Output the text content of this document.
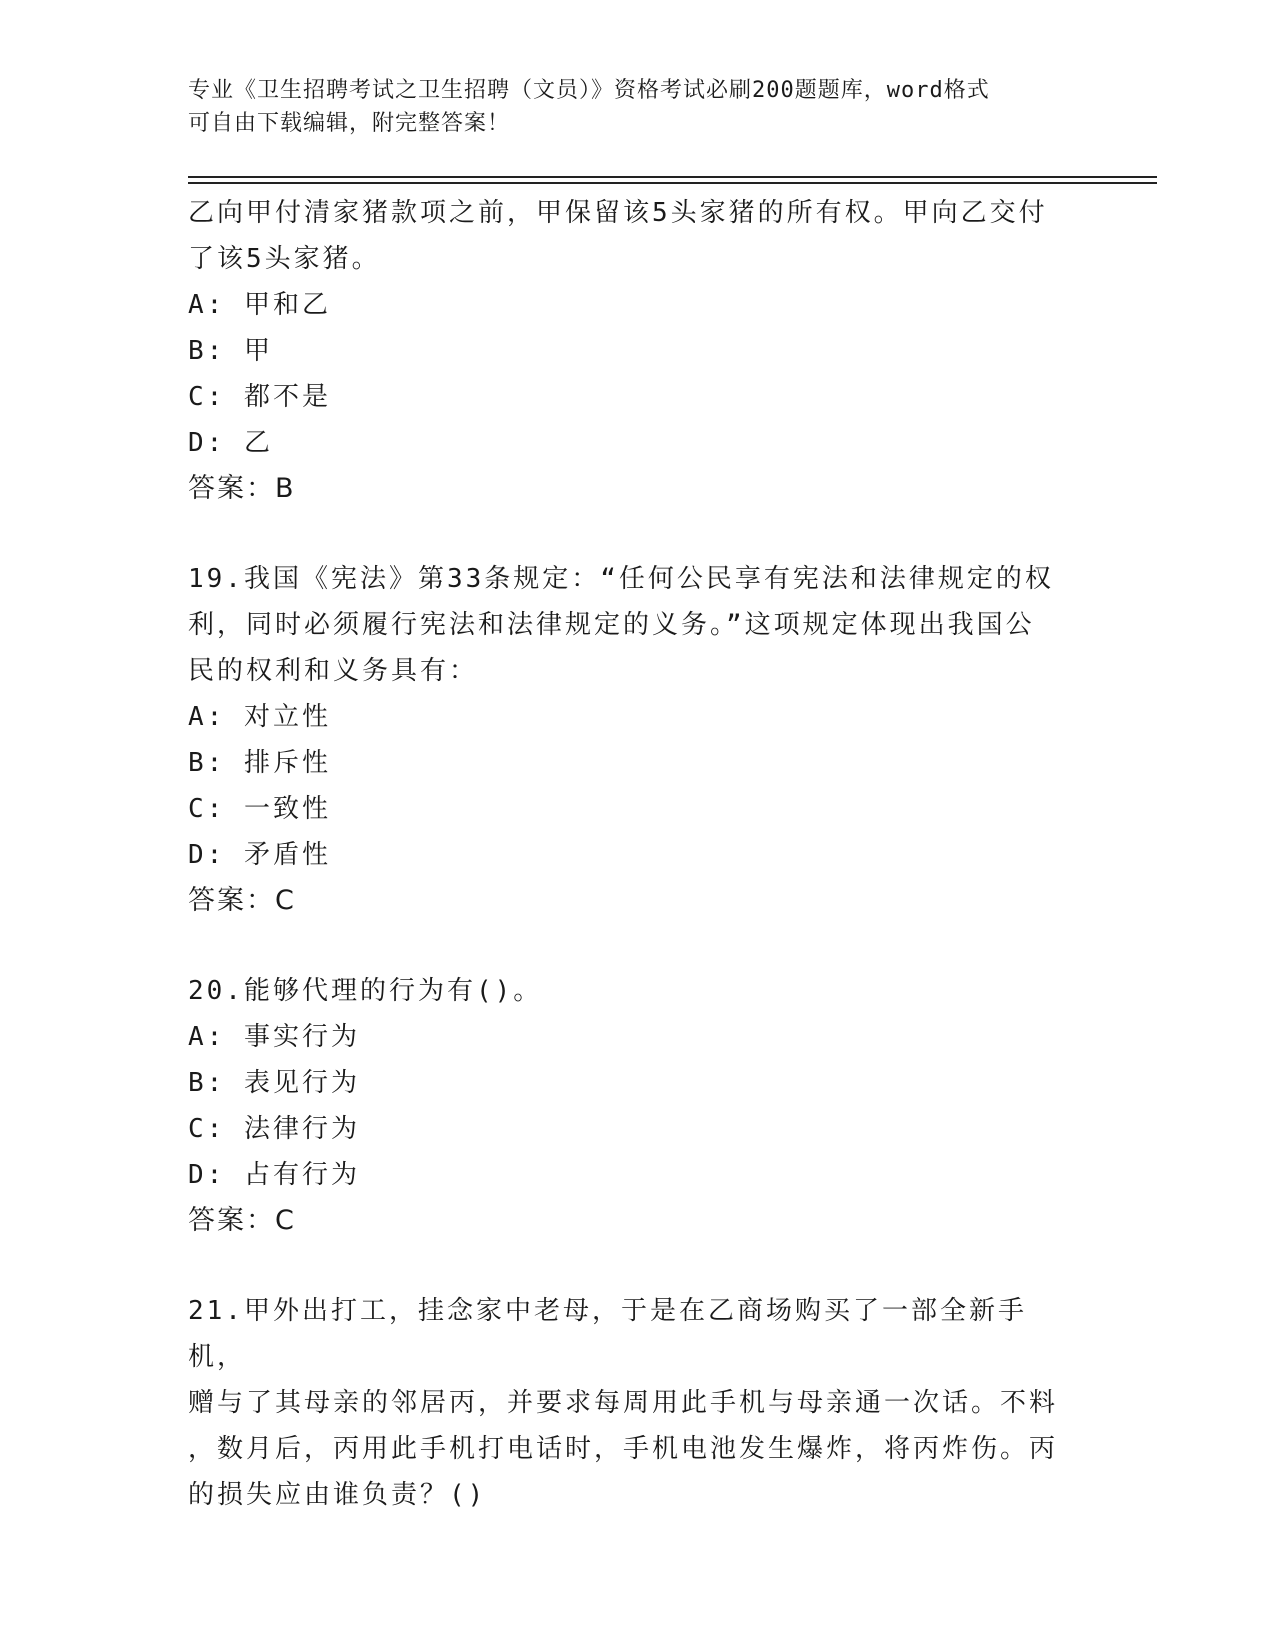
专业《卫生招聘考试之卫生招聘（文员）》资格考试必刷200题题库，word格式
可自由下载编辑，附完整答案！

乙向甲付清家猪款项之前，甲保留该5头家猪的所有权。甲向乙交付

了该5头家猪。

A: 甲和乙

B: 甲

C: 都不是

D: 乙

答案：B

19.我国《宪法》第33条规定：“任何公民享有宪法和法律规定的权

利，同时必须履行宪法和法律规定的义务。”这项规定体现出我国公

民的权利和义务具有：

A: 对立性

B: 排斥性

C: 一致性

D: 矛盾性

答案：C

20.能够代理的行为有()。

A: 事实行为

B: 表见行为

C: 法律行为

D: 占有行为

答案：C

21.甲外出打工，挂念家中老母，于是在乙商场购买了一部全新手机，

赠与了其母亲的邻居丙，并要求每周用此手机与母亲通一次话。不料

，数月后，丙用此手机打电话时，手机电池发生爆炸，将丙炸伤。丙

的损失应由谁负责？()
